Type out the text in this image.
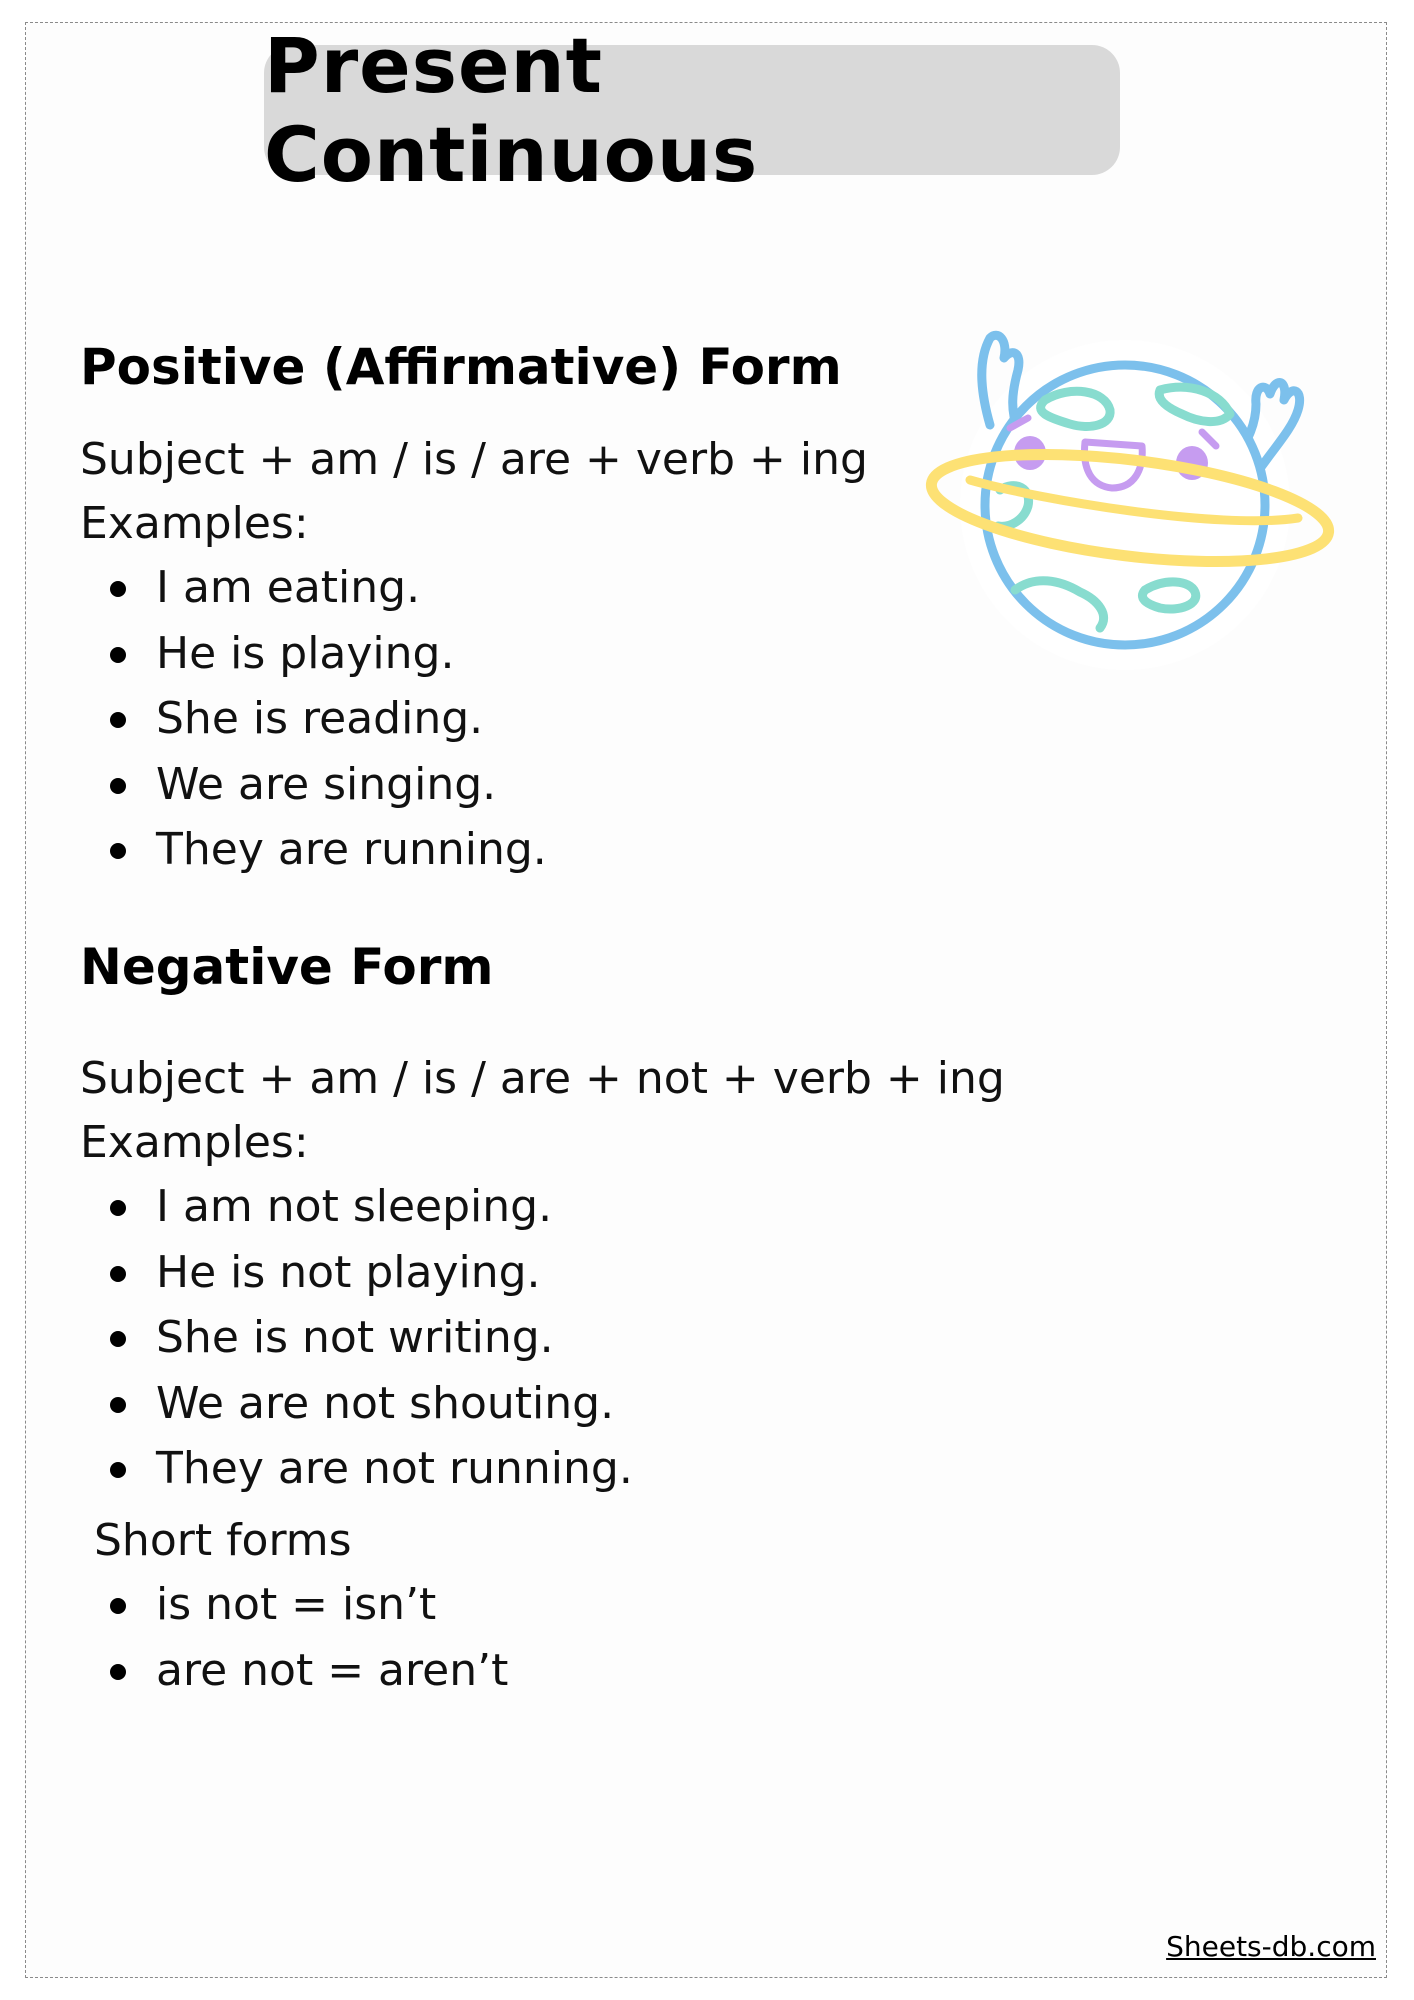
Present Continuous
Positive (Affirmative) Form
Subject + am / is / are + verb + ing
Examples:
I am eating.
He is playing.
She is reading.
We are singing.
They are running.
Negative Form
Subject + am / is / are + not + verb + ing
Examples:
I am not sleeping.
He is not playing.
She is not writing.
We are not shouting.
They are not running.
Short forms
is not = isn’t
are not = aren’t
Sheets-db.com
